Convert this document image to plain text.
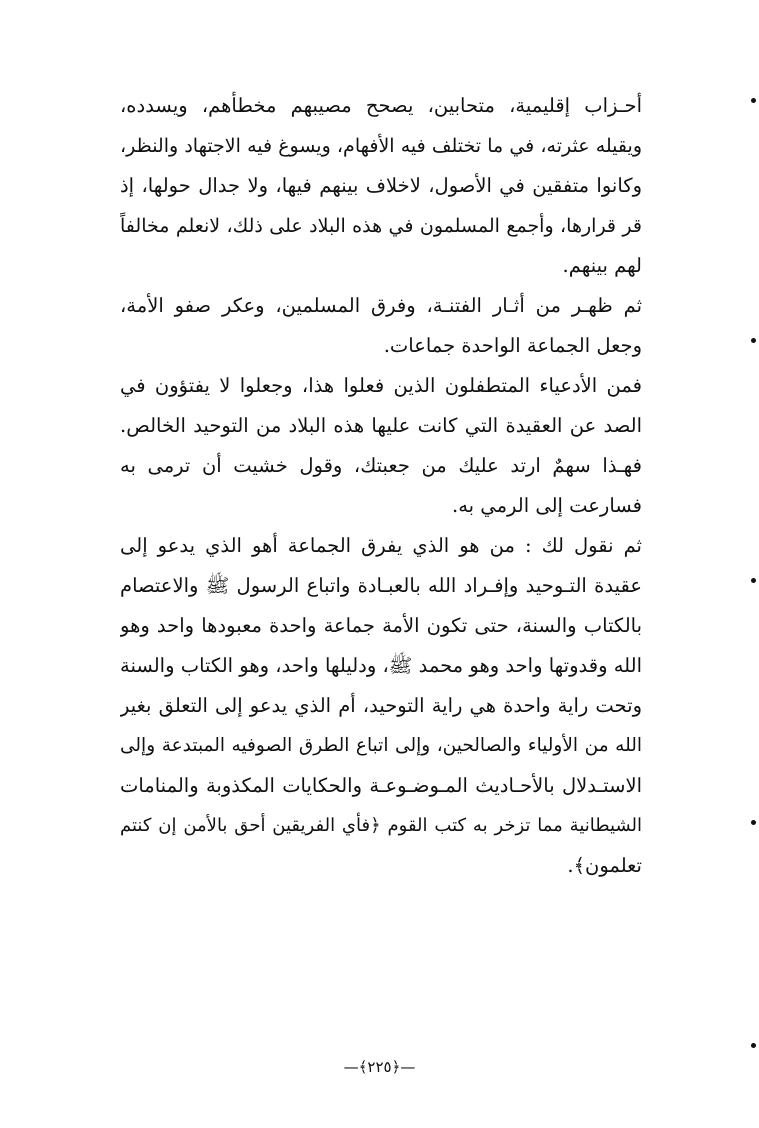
أحـزاب إقليمية، متحابين، يصحح مصيبهم مخطأهم، ويسدده،
ويقيله عثرته، في ما تختلف فيه الأفهام، ويسوغ فيه الاجتهاد والنظر،
وكانوا متفقين في الأصول، لاخلاف بينهم فيها، ولا جدال حولها، إذ
قر قرارها، وأجمع المسلمون في هذه البلاد على ذلك، لانعلم مخالفاً
لهم بينهم.
ثم ظهـر من أثـار الفتنـة، وفرق المسلمين، وعكر صفو الأمة،
وجعل الجماعة الواحدة جماعات.
فمن الأدعياء المتطفلون الذين فعلوا هذا، وجعلوا لا يفتؤون في
الصد عن العقيدة التي كانت عليها هذه البلاد من التوحيد الخالص.
فهـذا سهمٌ ارتد عليك من جعبتك، وقول خشيت أن ترمى به
فسارعت إلى الرمي به.
ثم نقول لك : من هو الذي يفرق الجماعة أهو الذي يدعو إلى
عقيدة التـوحيد وإفـراد الله بالعبـادة واتباع الرسول ﷺ والاعتصام
بالكتاب والسنة، حتى تكون الأمة جماعة واحدة معبودها واحد وهو
الله وقدوتها واحد وهو محمد ﷺ، ودليلها واحد، وهو الكتاب والسنة
وتحت راية واحدة هي راية التوحيد، أم الذي يدعو إلى التعلق بغير
الله من الأولياء والصالحين، وإلى اتباع الطرق الصوفيه المبتدعة وإلى
الاستـدلال بالأحـاديث المـوضـوعـة والحكايات المكذوبة والمنامات
الشيطانية مما تزخر به كتب القوم ﴿فأي الفريقين أحق بالأمن إن كنتم
تعلمون﴾.
—﴿٢٢٥﴾—
